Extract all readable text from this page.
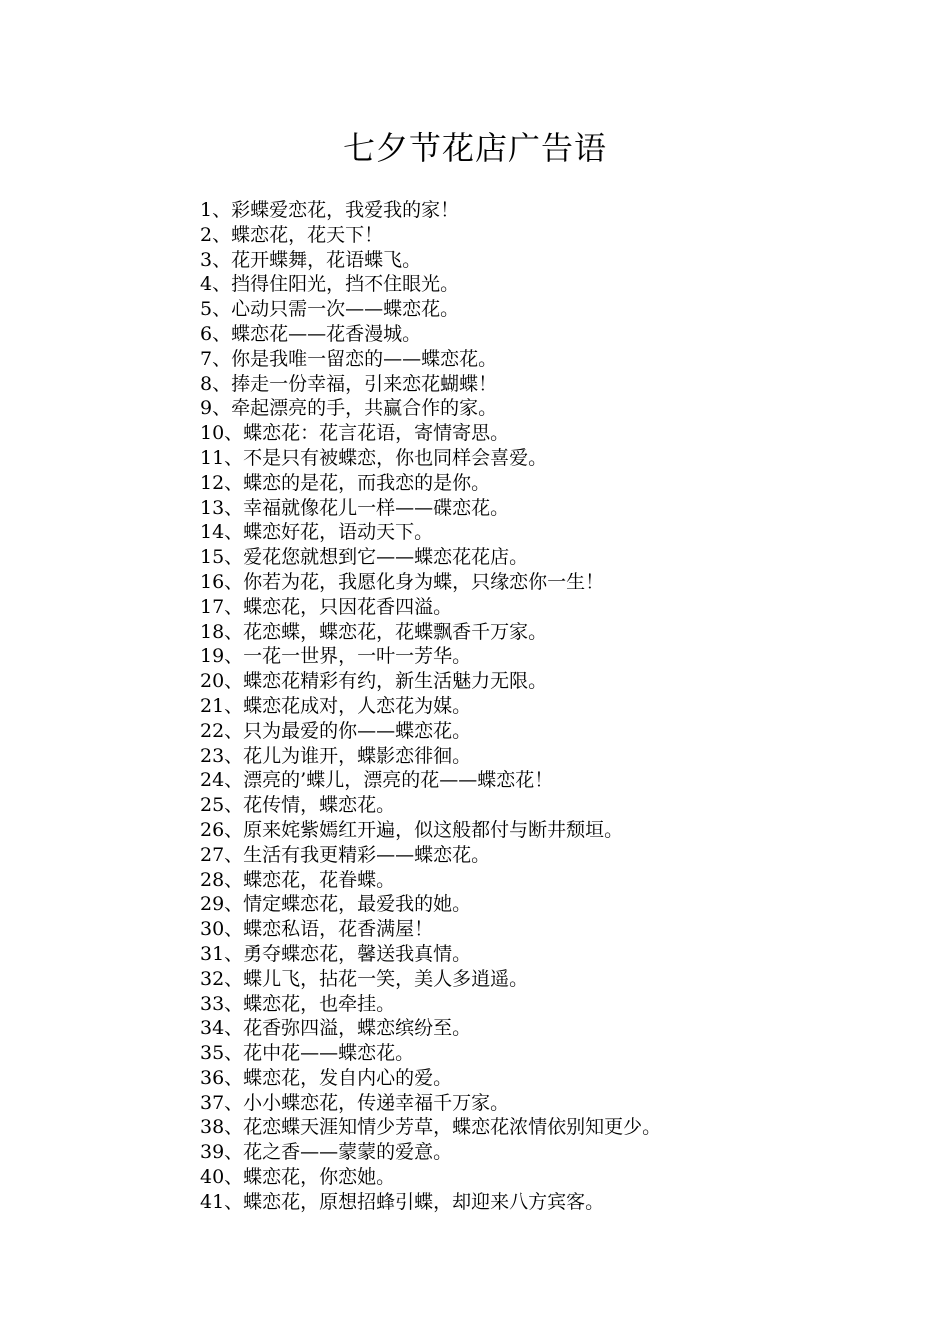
七夕节花店广告语
1、彩蝶爱恋花，我爱我的家！
2、蝶恋花，花天下！
3、花开蝶舞，花语蝶飞。
4、挡得住阳光，挡不住眼光。
5、心动只需一次——蝶恋花。
6、蝶恋花——花香漫城。
7、你是我唯一留恋的——蝶恋花。
8、捧走一份幸福，引来恋花蝴蝶！
9、牵起漂亮的手，共赢合作的家。
10、蝶恋花：花言花语，寄情寄思。
11、不是只有被蝶恋，你也同样会喜爱。
12、蝶恋的是花，而我恋的是你。
13、幸福就像花儿一样——碟恋花。
14、蝶恋好花，语动天下。
15、爱花您就想到它——蝶恋花花店。
16、你若为花，我愿化身为蝶，只缘恋你一生！
17、蝶恋花，只因花香四溢。
18、花恋蝶，蝶恋花，花蝶飘香千万家。
19、一花一世界，一叶一芳华。
20、蝶恋花精彩有约，新生活魅力无限。
21、蝶恋花成对，人恋花为媒。
22、只为最爱的你——蝶恋花。
23、花儿为谁开，蝶影恋徘徊。
24、漂亮的’蝶儿，漂亮的花——蝶恋花！
25、花传情，蝶恋花。
26、原来姹紫嫣红开遍，似这般都付与断井颓垣。
27、生活有我更精彩——蝶恋花。
28、蝶恋花，花眷蝶。
29、情定蝶恋花，最爱我的她。
30、蝶恋私语，花香满屋！
31、勇夺蝶恋花，馨送我真情。
32、蝶儿飞，拈花一笑，美人多逍遥。
33、蝶恋花，也牵挂。
34、花香弥四溢，蝶恋缤纷至。
35、花中花——蝶恋花。
36、蝶恋花，发自内心的爱。
37、小小蝶恋花，传递幸福千万家。
38、花恋蝶天涯知情少芳草，蝶恋花浓情依别知更少。
39、花之香——蒙蒙的爱意。
40、蝶恋花，你恋她。
41、蝶恋花，原想招蜂引蝶，却迎来八方宾客。
